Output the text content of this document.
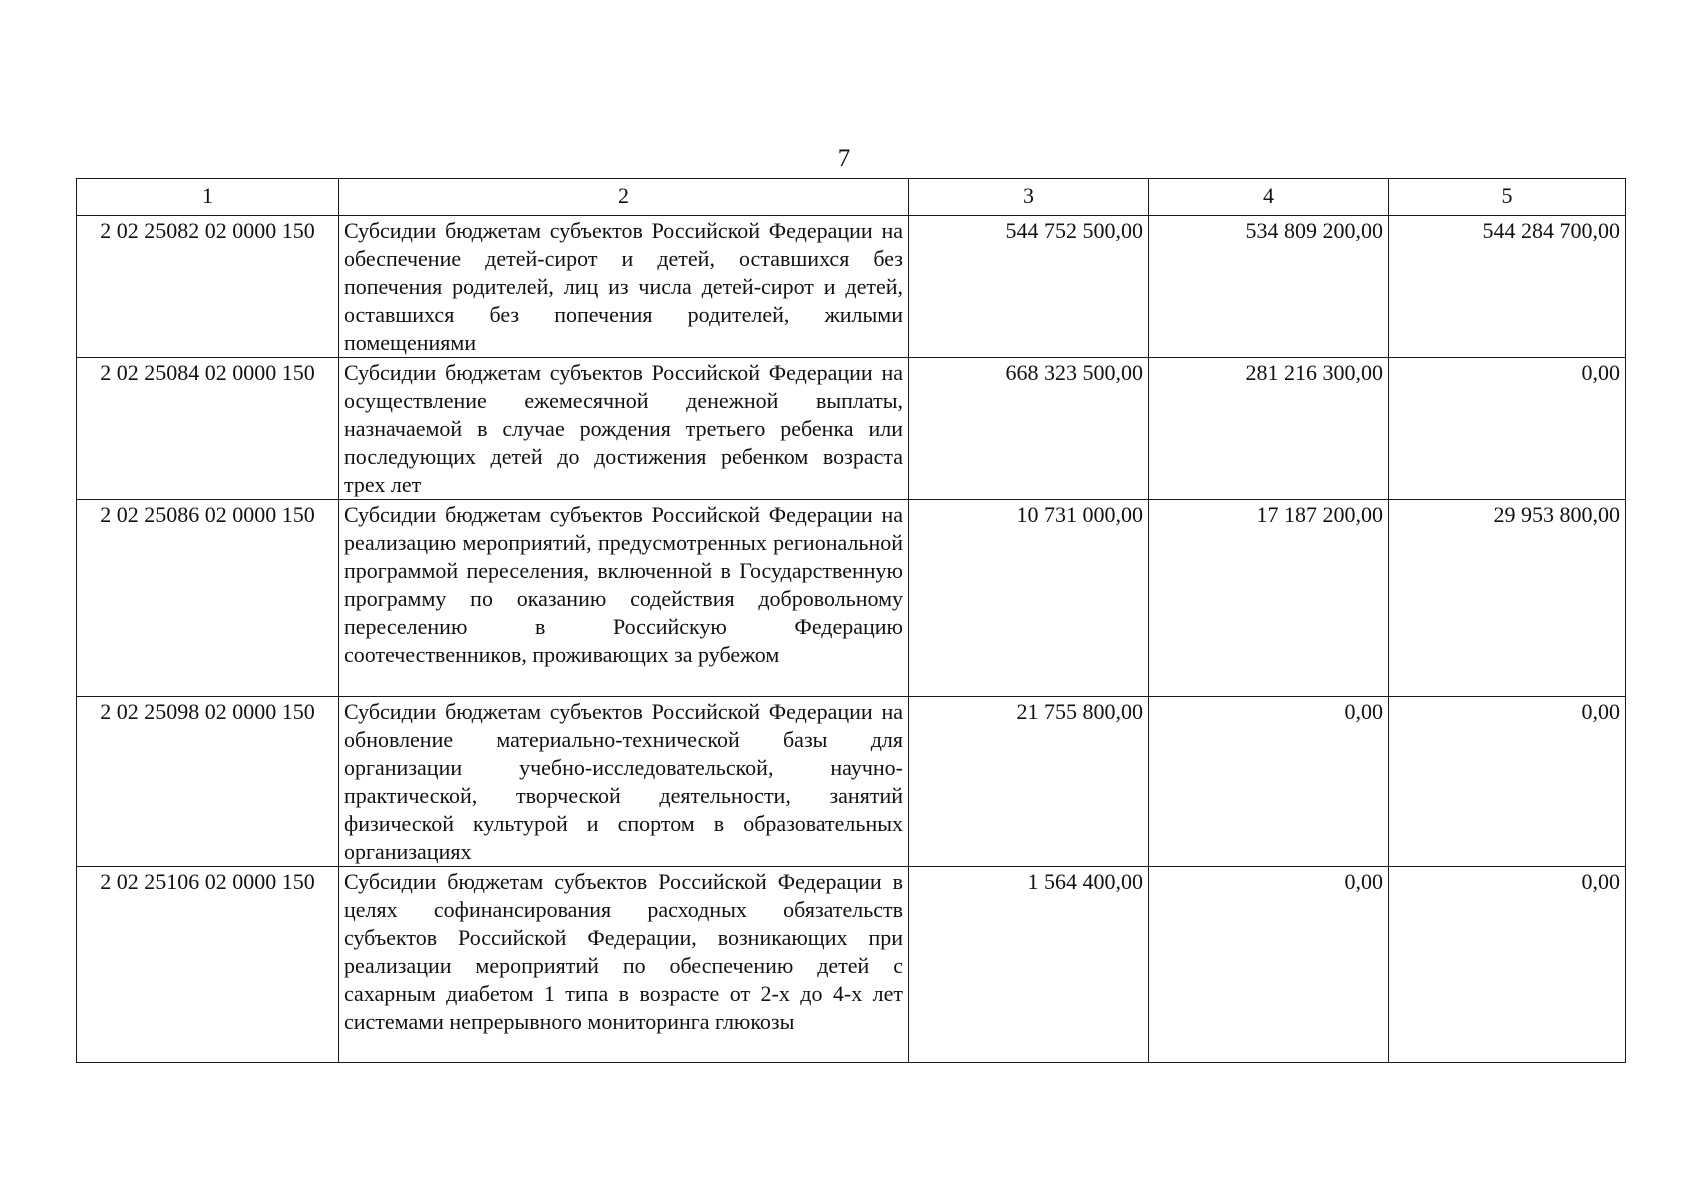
7
1	2	3	4	5
2 02 25082 02 0000 150	Субсидии бюджетам субъектов Российской Федерации на обеспечение детей-сирот и детей, оставшихся без попечения родителей, лиц из числа детей-сирот и детей, оставшихся без попечения родителей, жилыми помещениями	544 752 500,00	534 809 200,00	544 284 700,00
2 02 25084 02 0000 150	Субсидии бюджетам субъектов Российской Федерации на осуществление ежемесячной денежной выплаты, назначаемой в случае рождения третьего ребенка или последующих детей до достижения ребенком возраста трех лет	668 323 500,00	281 216 300,00	0,00
2 02 25086 02 0000 150	Субсидии бюджетам субъектов Российской Федерации на реализацию мероприятий, предусмотренных региональной программой переселения, включенной в Государственную программу по оказанию содействия добровольному переселению в Российскую Федерацию соотечественников, проживающих за рубежом	10 731 000,00	17 187 200,00	29 953 800,00
2 02 25098 02 0000 150	Субсидии бюджетам субъектов Российской Федерации на обновление материально-технической базы для организации учебно-исследовательской, научно-практической, творческой деятельности, занятий физической культурой и спортом в образовательных организациях	21 755 800,00	0,00	0,00
2 02 25106 02 0000 150	Субсидии бюджетам субъектов Российской Федерации в целях софинансирования расходных обязательств субъектов Российской Федерации, возникающих при реализации мероприятий по обеспечению детей с сахарным диабетом 1 типа в возрасте от 2-х до 4-х лет системами непрерывного мониторинга глюкозы	1 564 400,00	0,00	0,00
